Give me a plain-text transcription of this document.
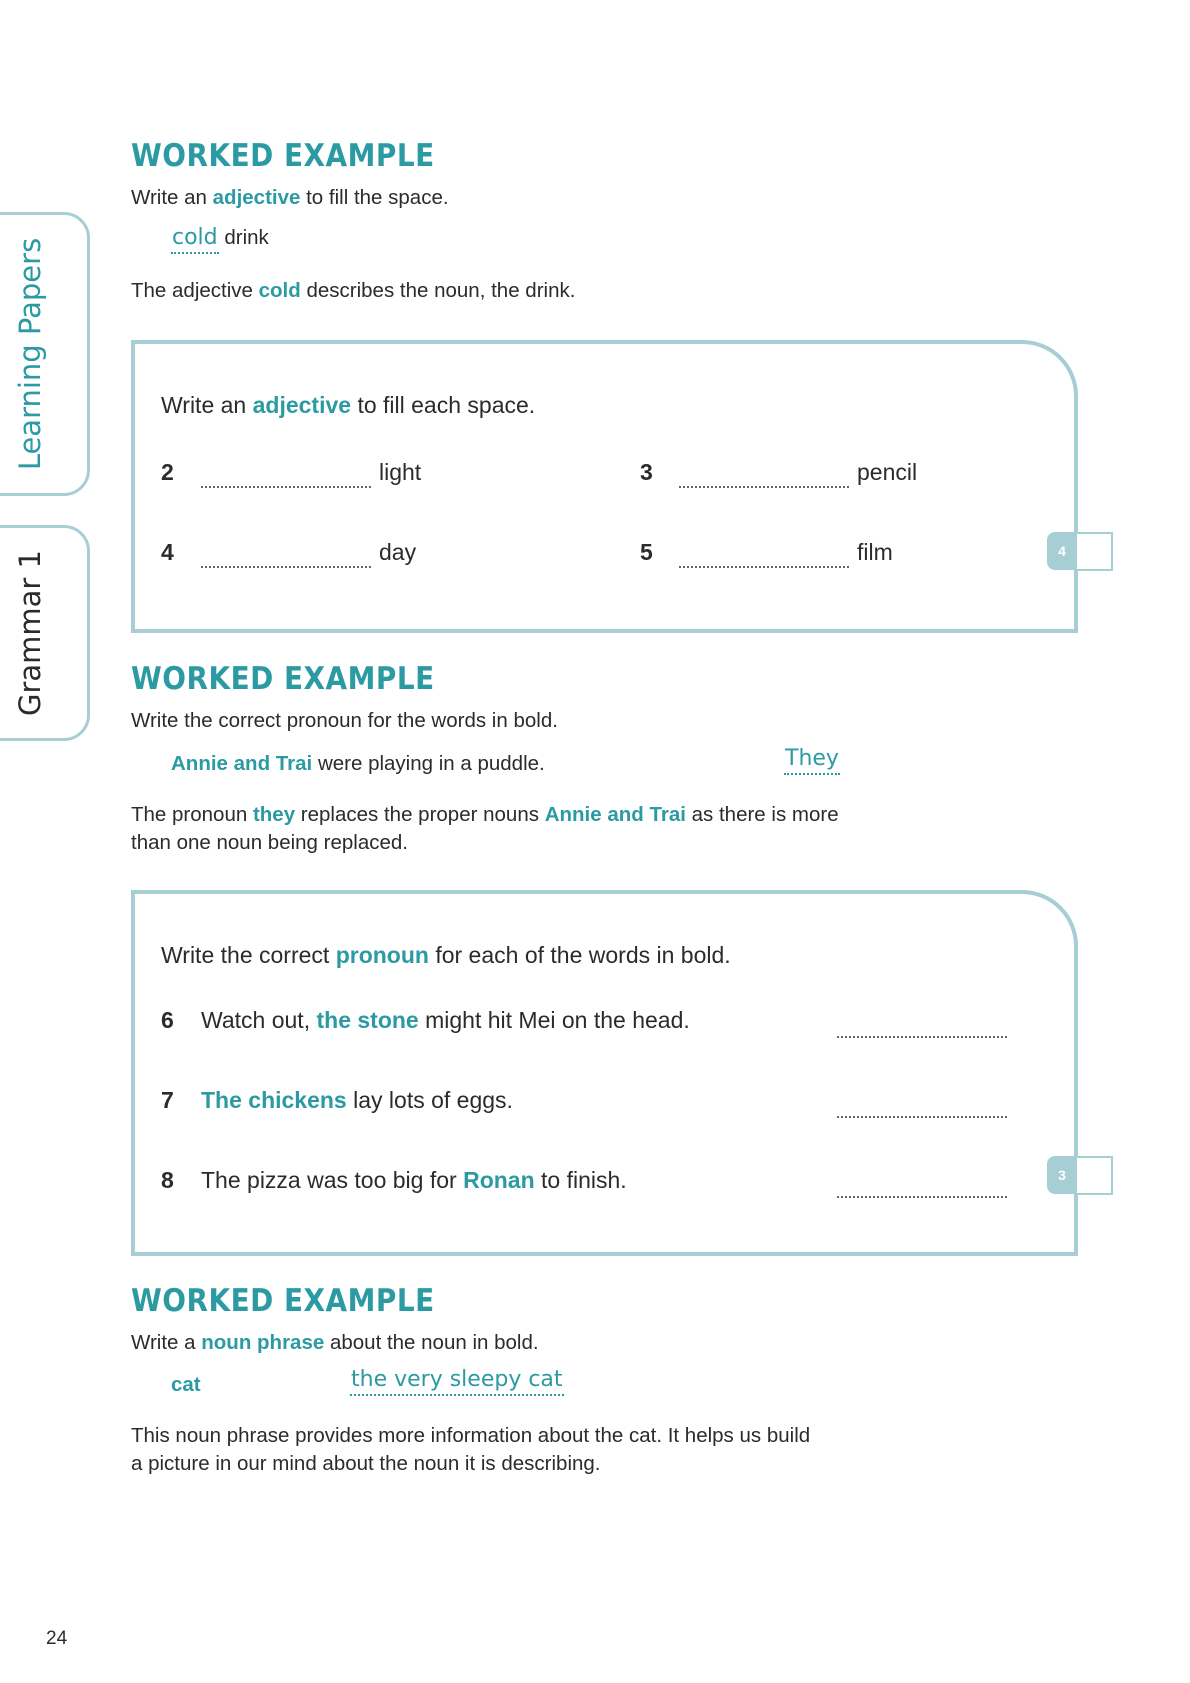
Learning Papers
Grammar 1
WORKED EXAMPLE
Write an adjective to fill the space.
cold drink
The adjective cold describes the noun, the drink.
Write an adjective to fill each space.
2	light	3	pencil
4	day	5	film	4
WORKED EXAMPLE
Write the correct pronoun for the words in bold.
Annie and Trai were playing in a puddle.	They
The pronoun they replaces the proper nouns Annie and Trai as there is more
than one noun being replaced.
Write the correct pronoun for each of the words in bold.
6 Watch out, the stone might hit Mei on the head.
7 The chickens lay lots of eggs.
8 The pizza was too big for Ronan to finish.	3
WORKED EXAMPLE
Write a noun phrase about the noun in bold.
cat	the very sleepy cat
This noun phrase provides more information about the cat. It helps us build
a picture in our mind about the noun it is describing.
24
